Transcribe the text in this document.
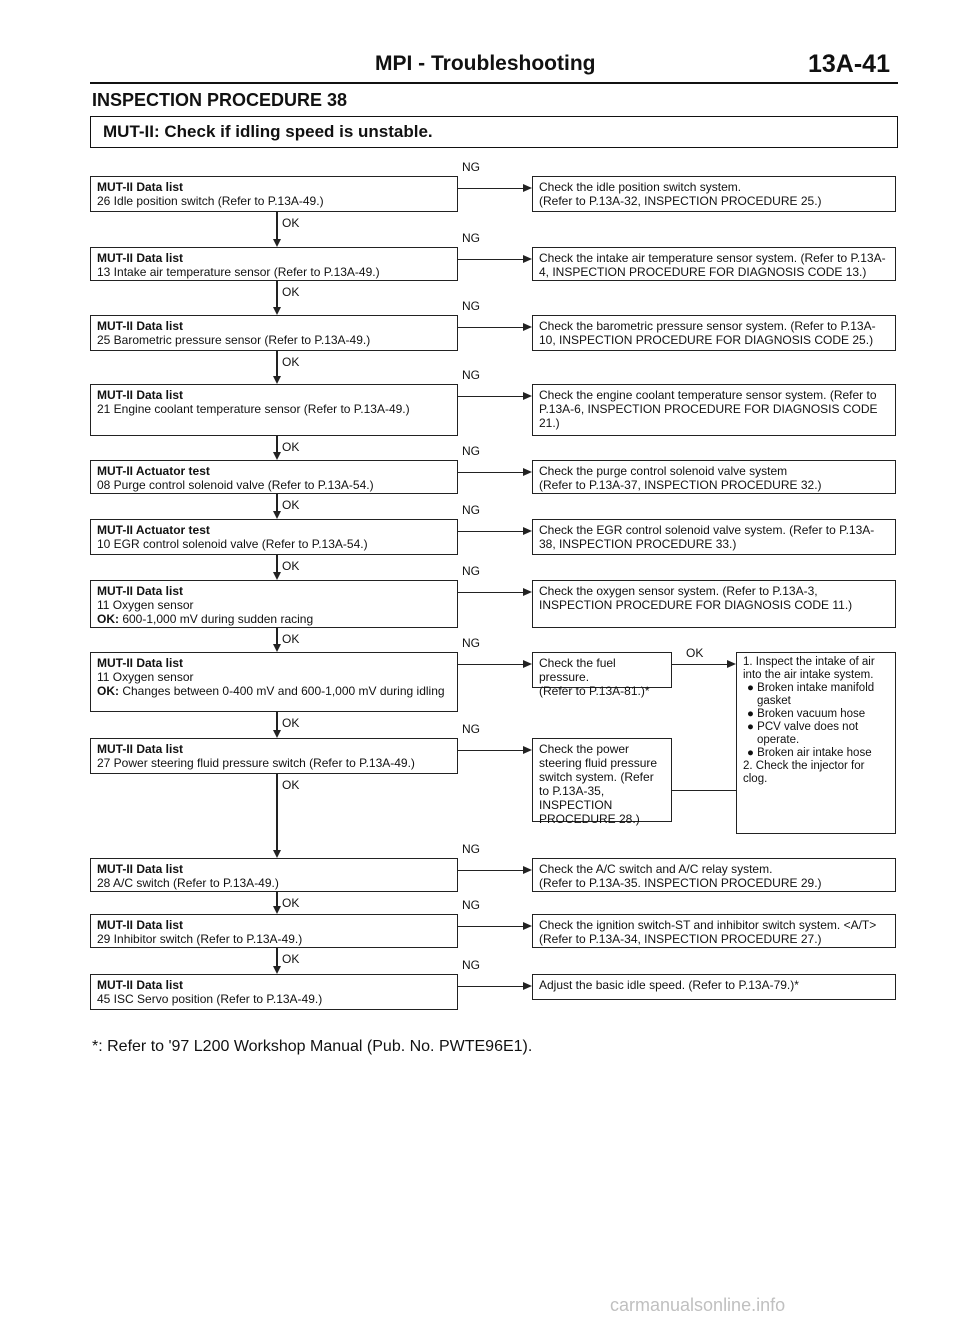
MPI - Troubleshooting	13A-41
INSPECTION PROCEDURE 38
MUT-II: Check if idling speed is unstable.
MUT-II Data list
26 Idle position switch (Refer to P.13A-49.)
Check the idle position switch system.
(Refer to P.13A-32, INSPECTION PROCEDURE 25.)
NG
OK
MUT-II Data list
13 Intake air temperature sensor (Refer to P.13A-49.)
Check the intake air temperature sensor system. (Refer to P.13A-4, INSPECTION PROCEDURE FOR DIAGNOSIS CODE 13.)
NG
OK
MUT-II Data list
25 Barometric pressure sensor (Refer to P.13A-49.)
Check the barometric pressure sensor system. (Refer to P.13A-10, INSPECTION PROCEDURE FOR DIAGNOSIS CODE 25.)
NG
OK
MUT-II Data list
21 Engine coolant temperature sensor (Refer to P.13A-49.)
Check the engine coolant temperature sensor system. (Refer to P.13A-6, INSPECTION PROCEDURE FOR DIAGNOSIS CODE 21.)
NG
OK
MUT-II Actuator test
08 Purge control solenoid valve (Refer to P.13A-54.)
Check the purge control solenoid valve system
(Refer to P.13A-37, INSPECTION PROCEDURE 32.)
NG
OK
MUT-II Actuator test
10 EGR control solenoid valve (Refer to P.13A-54.)
Check the EGR control solenoid valve system. (Refer to P.13A-38, INSPECTION PROCEDURE 33.)
NG
OK
MUT-II Data list
11 Oxygen sensor
OK: 600-1,000 mV during sudden racing
Check the oxygen sensor system. (Refer to P.13A-3, INSPECTION PROCEDURE FOR DIAGNOSIS CODE 11.)
NG
OK
MUT-II Data list
11 Oxygen sensor
OK: Changes between 0-400 mV and 600-1,000 mV during idling
Check the fuel pressure.
(Refer to P.13A-81.)*
NG
OK
MUT-II Data list
27 Power steering fluid pressure switch (Refer to P.13A-49.)
Check the power steering fluid pressure switch system. (Refer to P.13A-35, INSPECTION PROCEDURE 28.)
NG
OK
MUT-II Data list
28 A/C switch (Refer to P.13A-49.)
Check the A/C switch and A/C relay system.
(Refer to P.13A-35. INSPECTION PROCEDURE 29.)
NG
OK
MUT-II Data list
29 Inhibitor switch (Refer to P.13A-49.)
Check the ignition switch-ST and inhibitor switch system. <A/T>
(Refer to P.13A-34, INSPECTION PROCEDURE 27.)
NG
OK
MUT-II Data list
45 ISC Servo position (Refer to P.13A-49.)
Adjust the basic idle speed. (Refer to P.13A-79.)*
NG
OK
1. Inspect the intake of air into the air intake system.
● Broken intake manifold gasket
● Broken vacuum hose
● PCV valve does not operate.
● Broken air intake hose
2. Check the injector for clog.
*: Refer to '97 L200 Workshop Manual (Pub. No. PWTE96E1).
carmanualsonline.info
